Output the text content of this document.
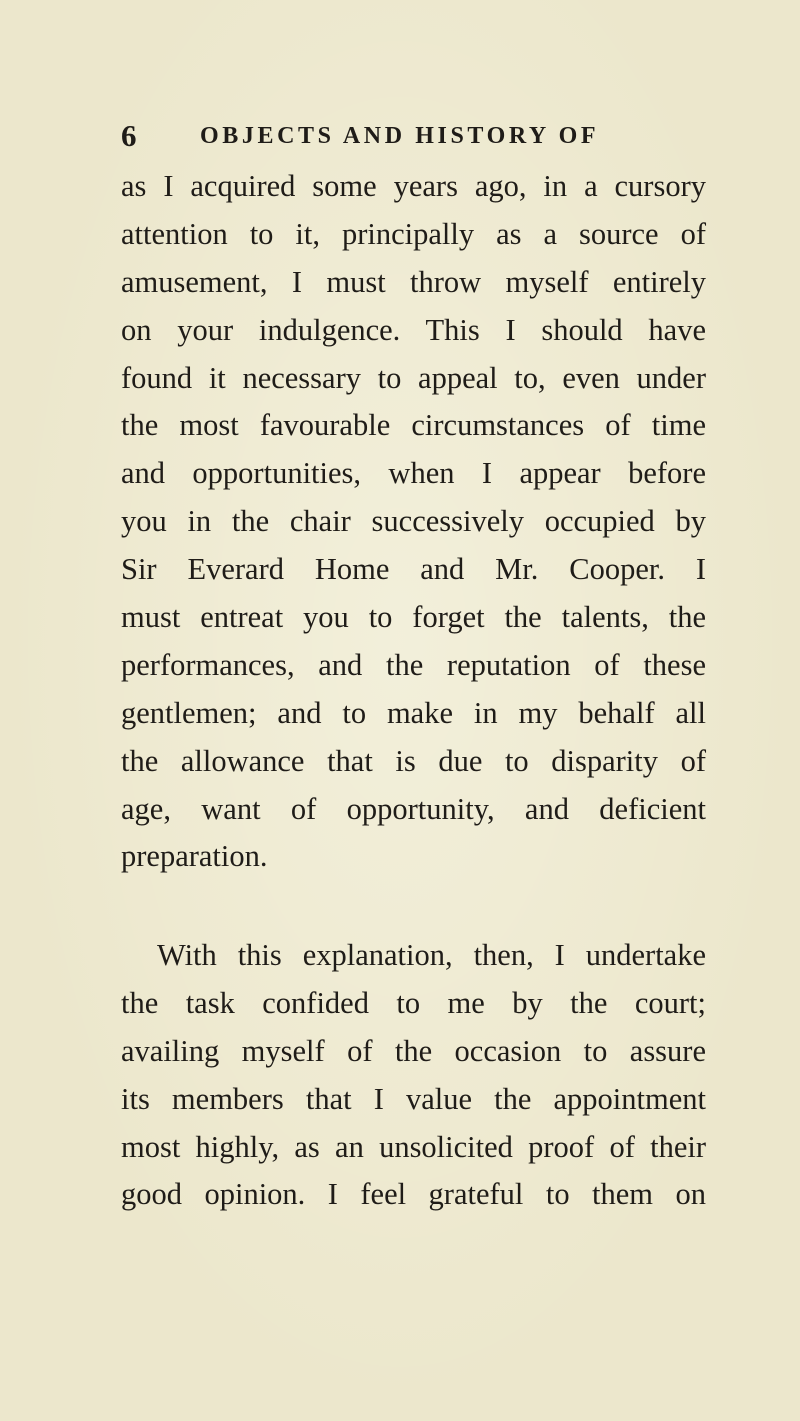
6	OBJECTS AND HISTORY OF
as I acquired some years ago, in a cursory
attention to it, principally as a source of
amusement, I must throw myself entirely
on your indulgence. This I should have
found it necessary to appeal to, even under
the most favourable circumstances of time
and opportunities, when I appear before
you in the chair successively occupied by
Sir Everard Home and Mr. Cooper. I
must entreat you to forget the talents, the
performances, and the reputation of these
gentlemen; and to make in my behalf all
the allowance that is due to disparity of
age, want of opportunity, and deficient
preparation.
With this explanation, then, I undertake
the task confided to me by the court;
availing myself of the occasion to assure
its members that I value the appointment
most highly, as an unsolicited proof of their
good opinion. I feel grateful to them on
